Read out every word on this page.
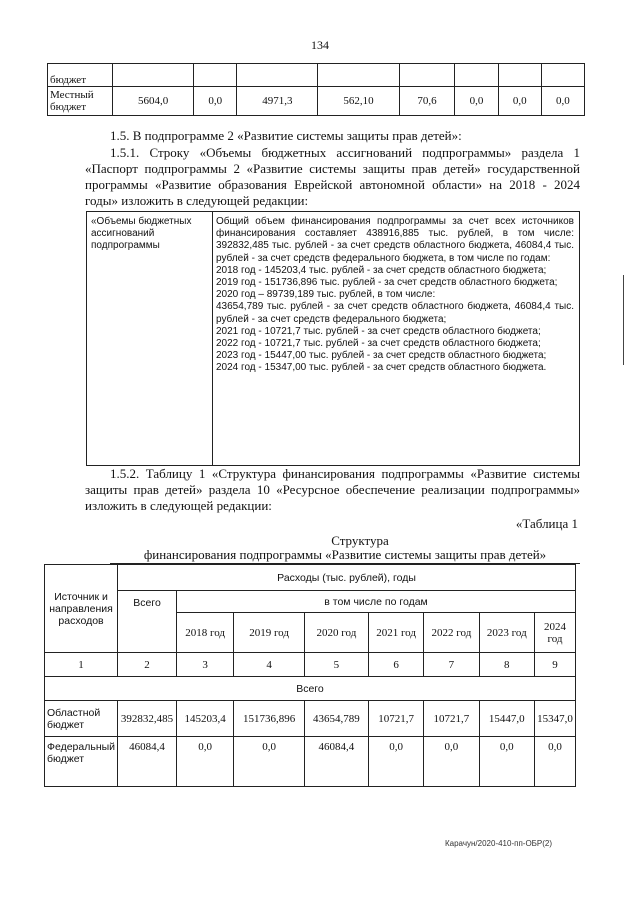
134
бюджет								
Местный бюджет	5604,0	0,0	4971,3	562,10	70,6	0,0	0,0	0,0
1.5. В подпрограмме 2 «Развитие системы защиты прав детей»:
1.5.1. Строку «Объемы бюджетных ассигнований подпрограммы» раздела 1 «Паспорт подпрограммы 2 «Развитие системы защиты прав детей» государственной программы «Развитие образования Еврейской автономной области» на 2018 - 2024 годы» изложить в следующей редакции:
«Объемы бюджетных ассигнований подпрограммы
Общий объем финансирования подпрограммы за счет всех источников финансирования составляет 438916,885 тыс. рублей, в том числе: 392832,485 тыс. рублей - за счет средств областного бюджета, 46084,4 тыс. рублей - за счет средств федерального бюджета, в том числе по годам:
2018 год - 145203,4 тыс. рублей - за счет средств областного бюджета;
2019 год - 151736,896 тыс. рублей - за счет средств областного бюджета;
2020 год – 89739,189 тыс. рублей, в том числе:
43654,789 тыс. рублей - за счет средств областного бюджета, 46084,4 тыс. рублей - за счет средств федерального бюджета;
2021 год - 10721,7 тыс. рублей - за счет средств областного бюджета;
2022 год - 10721,7 тыс. рублей - за счет средств областного бюджета;
2023 год - 15447,00 тыс. рублей - за счет средств областного бюджета;
2024 год - 15347,00 тыс. рублей - за счет средств областного бюджета.
1.5.2. Таблицу 1 «Структура финансирования подпрограммы «Развитие системы защиты прав детей» раздела 10 «Ресурсное обеспечение реализации подпрограммы» изложить в следующей редакции:
«Таблица 1
Структура
финансирования подпрограммы «Развитие системы защиты прав детей»
Источник и направления расходов	Расходы (тыс. рублей), годы							
	Всего	в том числе по годам						
		2018 год	2019 год	2020 год	2021 год	2022 год	2023 год	2024 год
1	2	3	4	5	6	7	8	9
Всего								
Областной бюджет	392832,485	145203,4	151736,896	43654,789	10721,7	10721,7	15447,0	15347,0
Федеральный бюджет	46084,4	0,0	0,0	46084,4	0,0	0,0	0,0	0,0
Карачун/2020-410-пп-ОБР(2)
